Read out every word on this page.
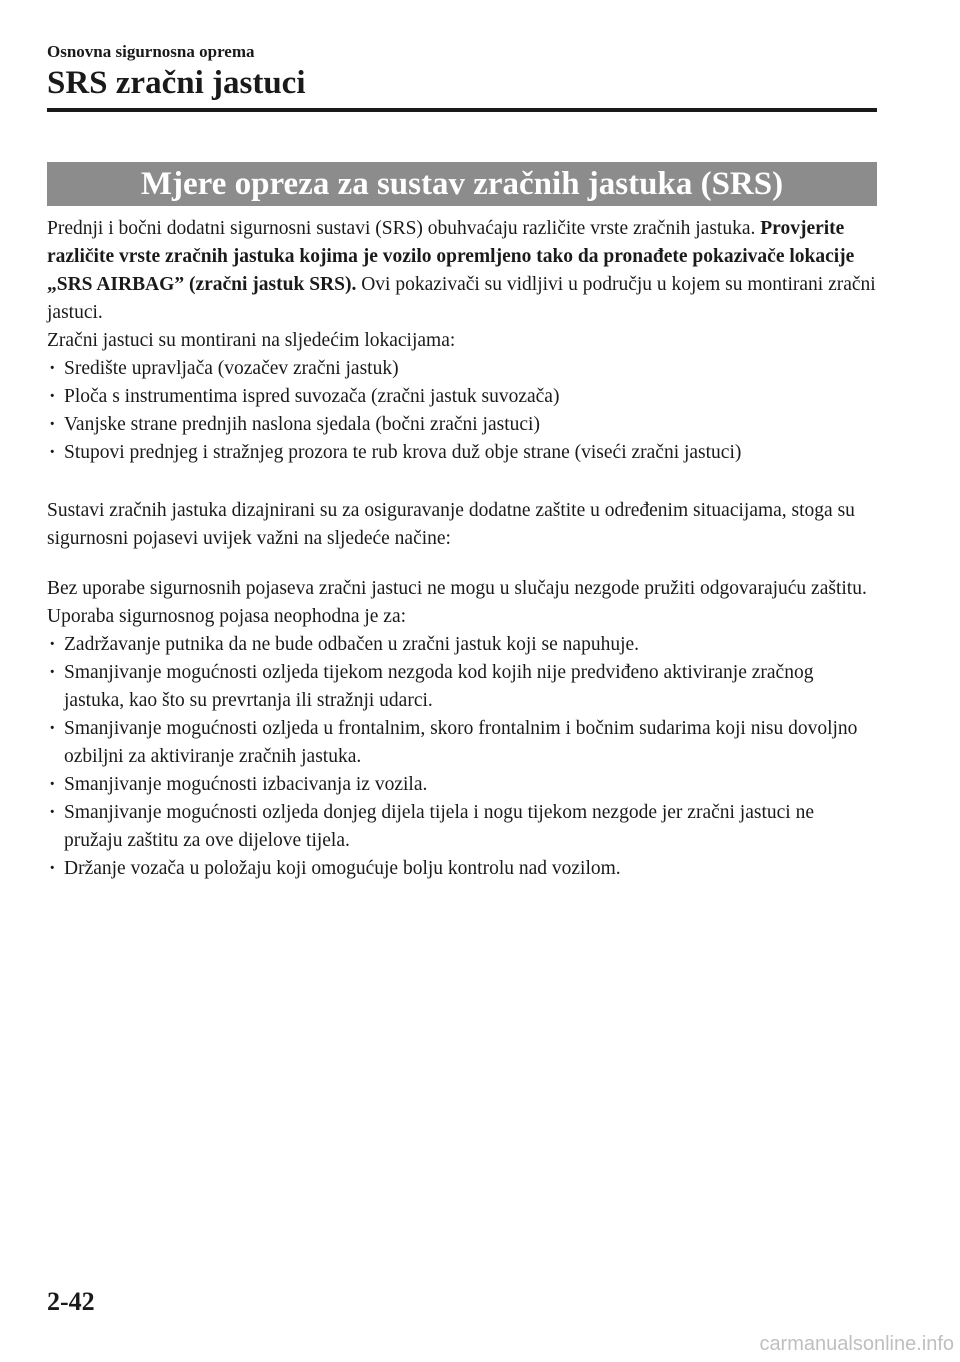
Osnovna sigurnosna oprema
SRS zračni jastuci
Mjere opreza za sustav zračnih jastuka (SRS)

Prednji i bočni dodatni sigurnosni sustavi (SRS) obuhvaćaju različite vrste zračnih jastuka. Provjerite različite vrste zračnih jastuka kojima je vozilo opremljeno tako da pronađete pokazivače lokacije „SRS AIRBAG” (zračni jastuk SRS). Ovi pokazivači su vidljivi u području u kojem su montirani zračni jastuci.

Zračni jastuci su montirani na sljedećim lokacijama:

· Središte upravljača (vozačev zračni jastuk)
· Ploča s instrumentima ispred suvozača (zračni jastuk suvozača)
· Vanjske strane prednjih naslona sjedala (bočni zračni jastuci)
· Stupovi prednjeg i stražnjeg prozora te rub krova duž obje strane (viseći zračni jastuci)

Sustavi zračnih jastuka dizajnirani su za osiguravanje dodatne zaštite u određenim situacijama, stoga su sigurnosni pojasevi uvijek važni na sljedeće načine:

Bez uporabe sigurnosnih pojaseva zračni jastuci ne mogu u slučaju nezgode pružiti odgovarajuću zaštitu. Uporaba sigurnosnog pojasa neophodna je za:

· Zadržavanje putnika da ne bude odbačen u zračni jastuk koji se napuhuje.
· Smanjivanje mogućnosti ozljeda tijekom nezgoda kod kojih nije predviđeno aktiviranje zračnog jastuka, kao što su prevrtanja ili stražnji udarci.
· Smanjivanje mogućnosti ozljeda u frontalnim, skoro frontalnim i bočnim sudarima koji nisu dovoljno ozbiljni za aktiviranje zračnih jastuka.
· Smanjivanje mogućnosti izbacivanja iz vozila.
· Smanjivanje mogućnosti ozljeda donjeg dijela tijela i nogu tijekom nezgode jer zračni jastuci ne pružaju zaštitu za ove dijelove tijela.
· Držanje vozača u položaju koji omogućuje bolju kontrolu nad vozilom.
2-42
carmanualsonline.info
